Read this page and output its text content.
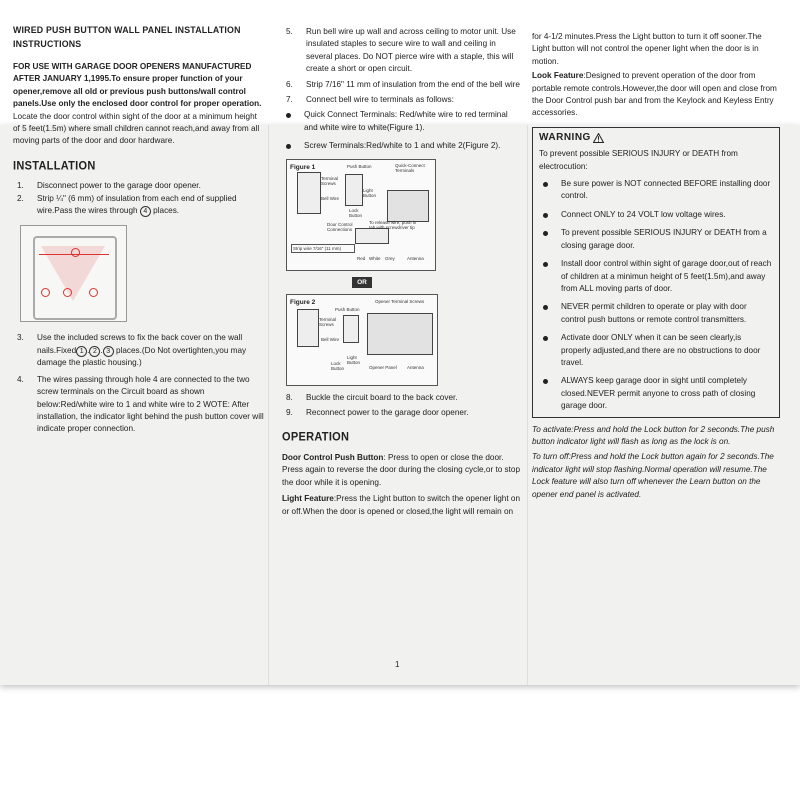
WIRED PUSH BUTTON WALL PANEL INSTALLATION INSTRUCTIONS

FOR USE WITH GARAGE DOOR OPENERS MANUFACTURED AFTER JANUARY 1,1995.To ensure proper function of your opener,remove all old or previous push buttons/wall control panels.Use only the enclosed door control for proper operation.

Locate the door control within sight of the door at a minimum height of 5 feet(1.5m) where small children cannot reach,and away from all moving parts of the door and door hardware.

INSTALLATION

1. Disconnect power to the garage door opener.

2. Strip ¼" (6 mm) of insulation from each end of supplied wire.Pass the wires through 4 places.

3. Use the included screws to fix the back cover on the wall nails.Fixed 1 . 2 . 3 places.(Do Not overtighten,you may damage the plastic housing.)

4. The wires passing through hole 4 are connected to the two screw terminals on the Circuit board as shown below:Red/white wire to 1 and white wire to 2 WOTE: After installation, the indicator light behind the push button cover will indicate proper connection.

5. Run bell wire up wall and across ceiling to motor unit. Use insulated staples to secure wire to wall and ceiling in several places. Do NOT pierce wire with a staple, this will create a short or open circuit.

6. Strip 7/16" 11 mm of insulation from the end of the bell wire

7. Connect bell wire to terminals as follows:

Quick Connect Terminals: Red/white wire to red terminal and white wire to white(Figure 1).

Screw Terminals:Red/white to 1 and white 2(Figure 2).

Figure 1	Push Button	Quick-Connect Terminals
Terminal Screws
Light Button
Bell Wire
Lock Button
Door Control Connections
To release wire, push in tab with screwdriver tip
Strip wire 7/16" (11 mm)
Red White Grey	Antenna
OR
Figure 2	Opener Terminal Screws
Push Button
Terminal Screws
Bell Wire
Lock Button
Light Button
Opener Panel Antenna

8. Buckle the circuit board to the back cover.

9. Reconnect power to the garage door opener.

OPERATION

Door Control Push Button: Press to open or close the door. Press again to reverse the door during the closing cycle,or to stop the door while it is opening.

Light Feature:Press the Light button to switch the opener light on or off.When the door is opened or closed,the light will remain on

for 4-1/2 minutes.Press the Light button to turn it off sooner.The Light button will not control the opener light when the door is in motion.

Look Feature:Designed to prevent operation of the door from portable remote controls.However,the door will open and close from the Door Control push bar and from the Keylock and Keyless Entry accessories.

WARNING

To prevent possible SERIOUS INJURY or DEATH from electrocution:

Be sure power is NOT connected BEFORE installing door control.

Connect ONLY to 24 VOLT low voltage wires.

To prevent possible SERIOUS INJURY or DEATH from a closing garage door.

Install door control within sight of garage door,out of reach of children at a minimun height of 5 feet(1.5m),and away from ALL moving parts of door.

NEVER permit children to operate or play with door control push buttons or remote control transmitters.

Activate door ONLY when it can be seen clearly,is properly adjusted,and there are no obstructions to door travel.

ALWAYS keep garage door in sight until completely closed.NEVER permit anyone to cross path of closing garage door.

To activate:Press and hold the Lock button for 2 seconds.The push button indicator light will flash as long as the lock is on.

To turn off:Press and hold the Lock button again for 2 seconds.The indicator light will stop flashing.Normal operation will resume.The Lock feature will also turn off whenever the Learn button on the opener end panel is activated.

1
